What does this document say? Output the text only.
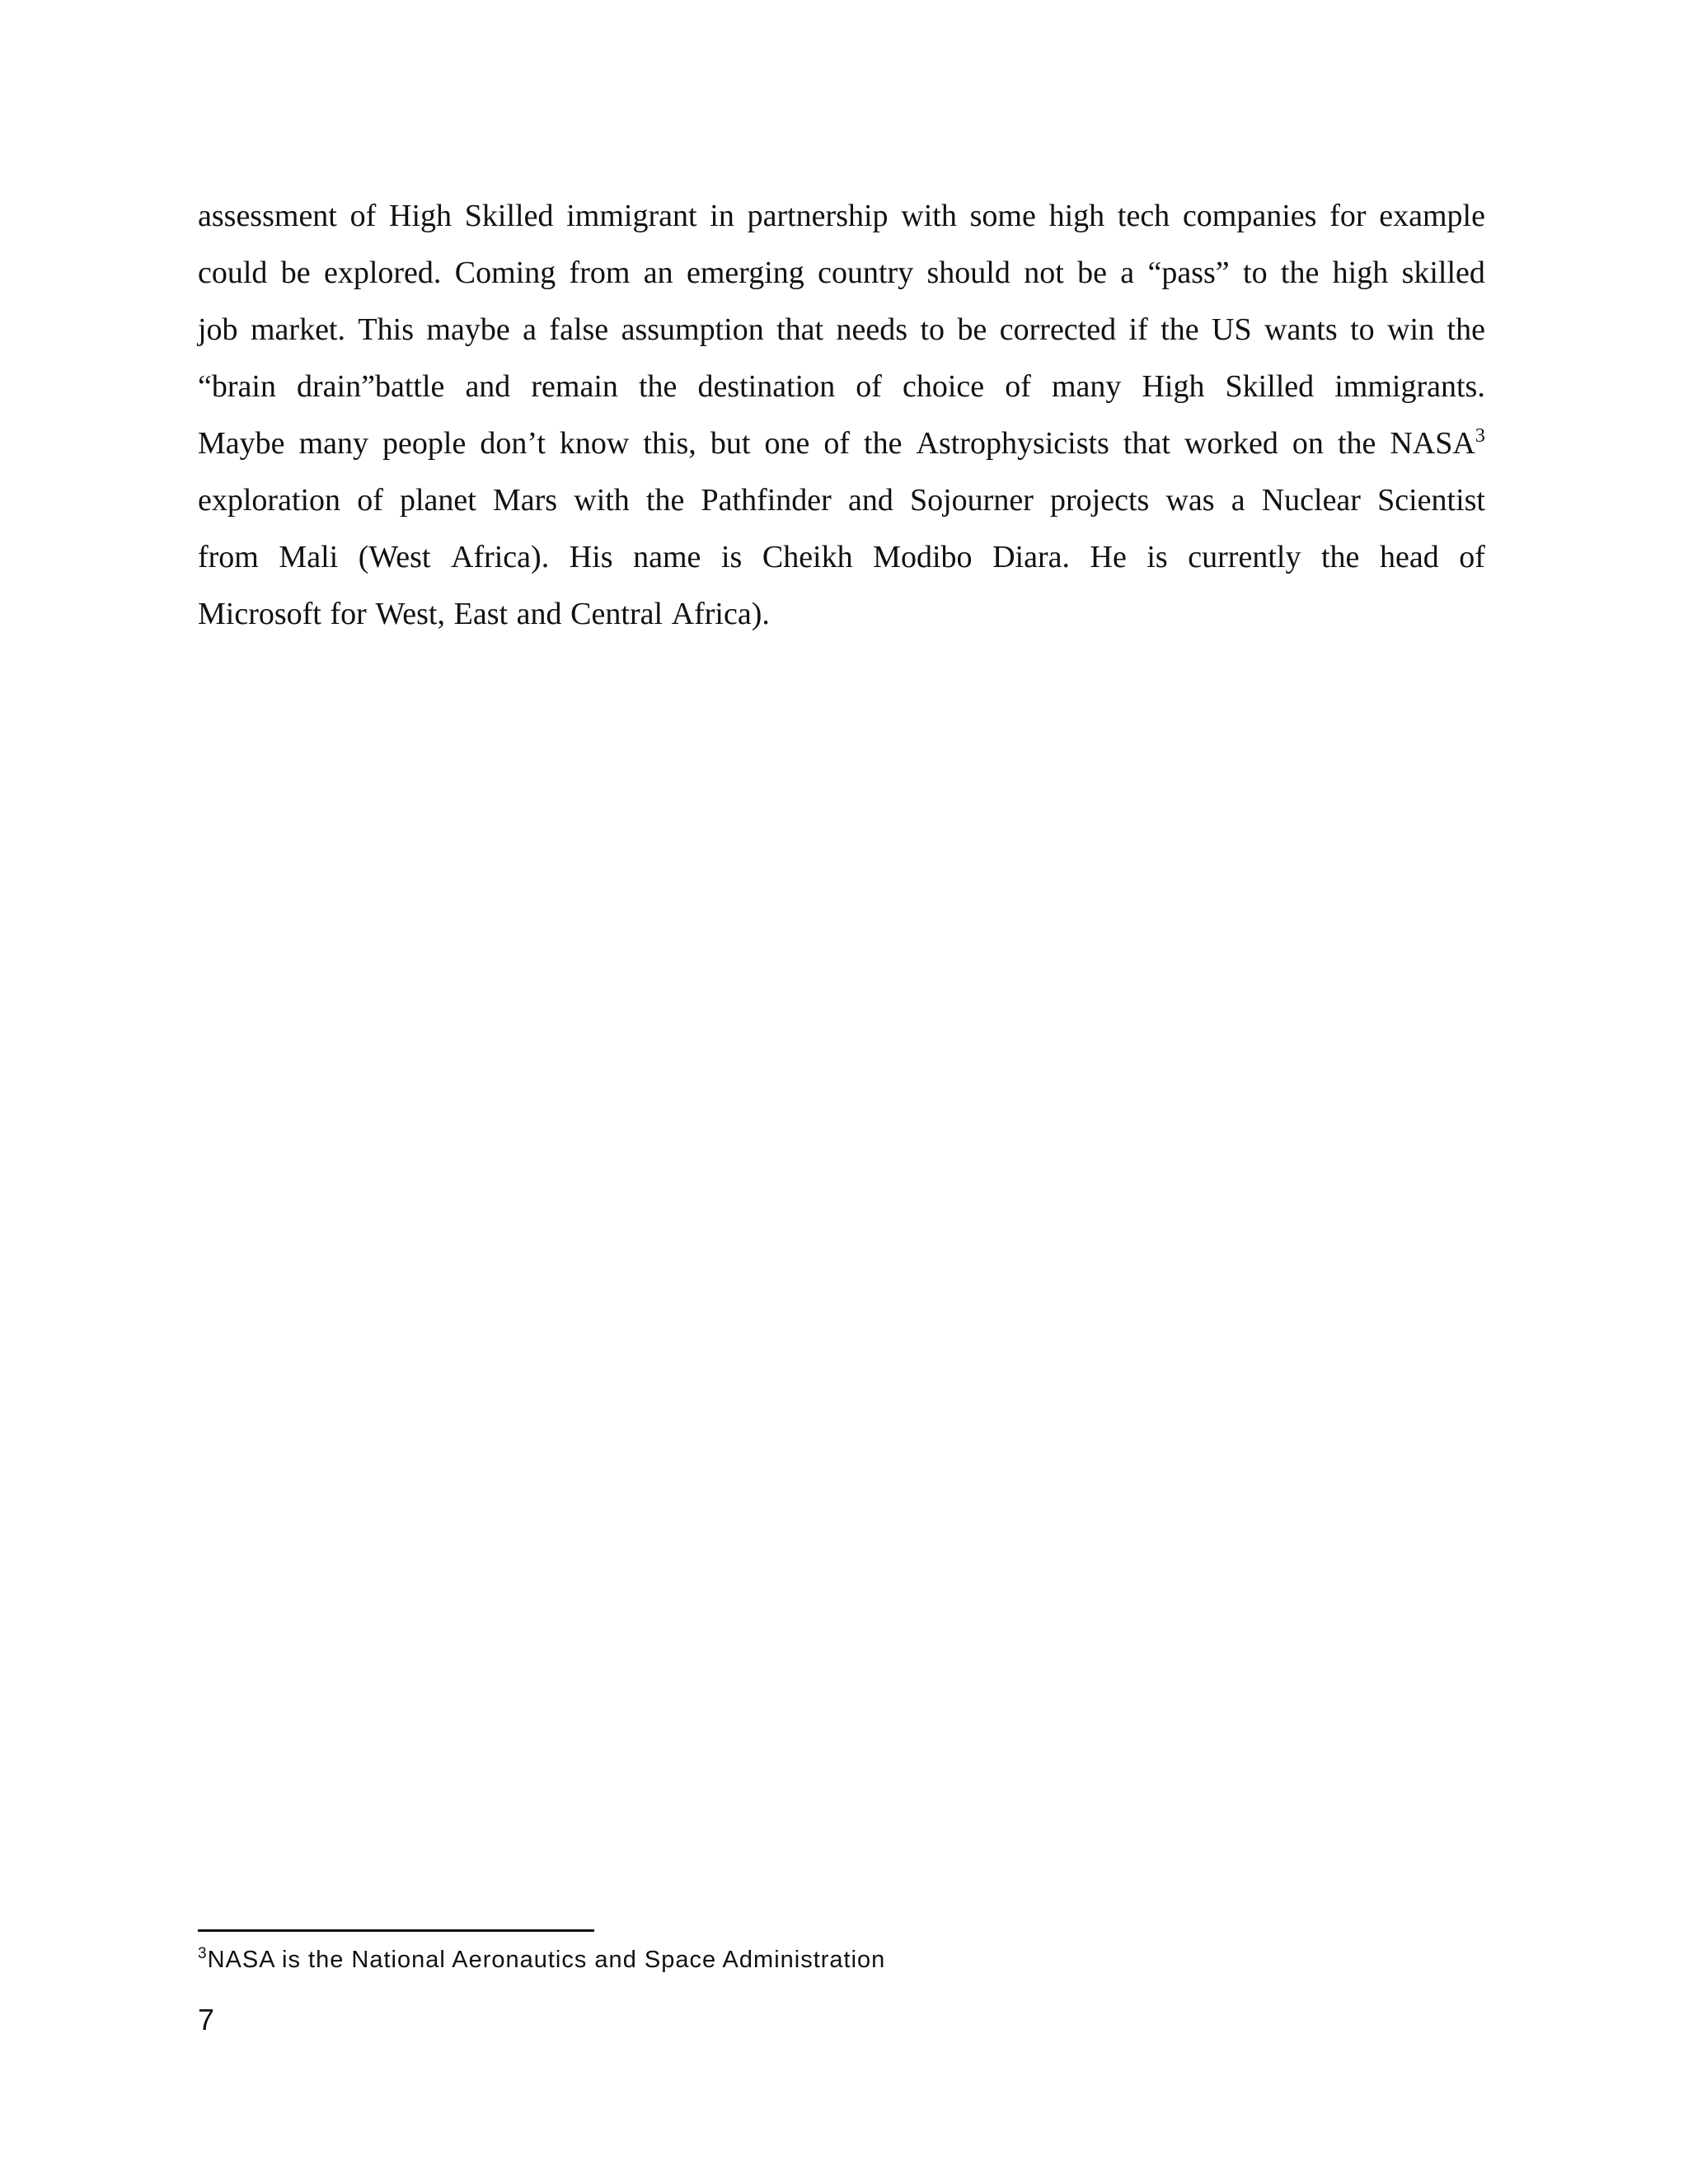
assessment of High Skilled immigrant in partnership with some high tech companies for example
could be explored. Coming from an emerging country should not be a “pass” to the high skilled
job market. This maybe a false assumption that needs to be corrected if the US wants to win the
“brain drain”battle and remain the destination of choice of many High Skilled immigrants.
Maybe many people don’t know this, but one of the Astrophysicists that worked on the NASA$^3$
exploration of planet Mars with the Pathfinder and Sojourner projects was a Nuclear Scientist
from Mali (West Africa). His name is Cheikh Modibo Diara. He is currently the head of
Microsoft for West, East and Central Africa).
$^3$NASA is the National Aeronautics and Space Administration
7
